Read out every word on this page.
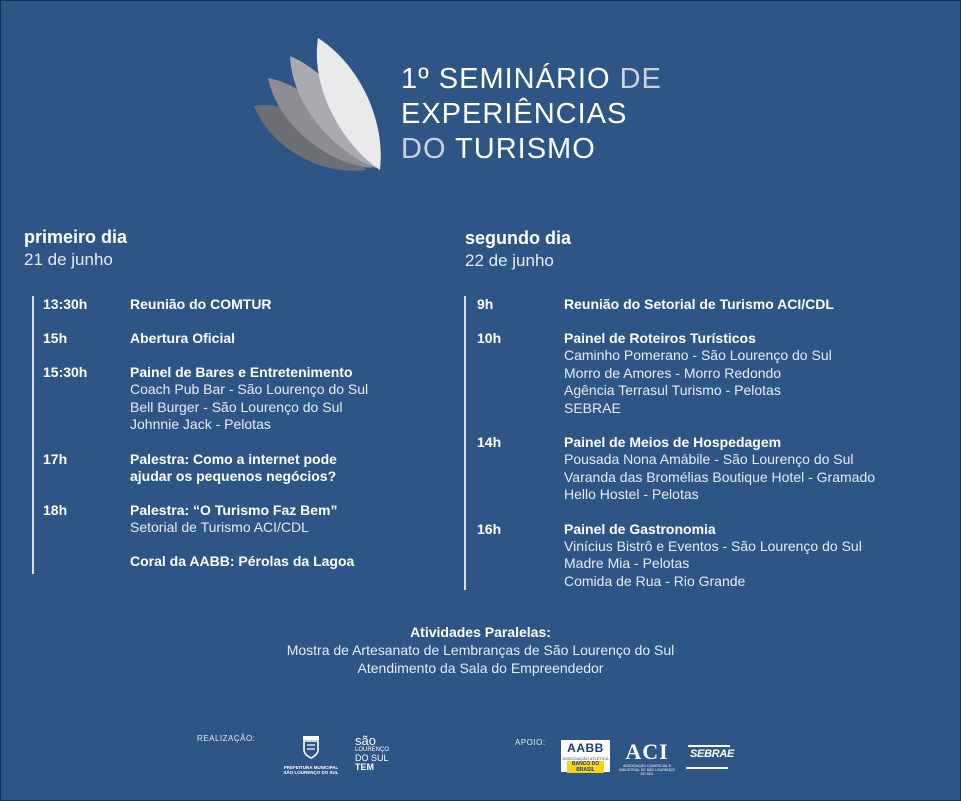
1º SEMINÁRIO DE
EXPERIÊNCIAS
DO TURISMO
primeiro dia
21 de junho
segundo dia
22 de junho
13:30h	Reunião do COMTUR
15h	Abertura Oficial
15:30h	Painel de Bares e Entretenimento
Coach Pub Bar - São Lourenço do Sul
Bell Burger - São Lourenço do Sul
Johnnie Jack - Pelotas
17h	Palestra: Como a internet pode
ajudar os pequenos negócios?
18h	Palestra: “O Turismo Faz Bem”
Setorial de Turismo ACI/CDL
Coral da AABB: Pérolas da Lagoa
9h	Reunião do Setorial de Turismo ACI/CDL
10h	Painel de Roteiros Turísticos
Caminho Pomerano - São Lourenço do Sul
Morro de Amores - Morro Redondo
Agência Terrasul Turismo - Pelotas
SEBRAE
14h	Painel de Meios de Hospedagem
Pousada Nona Amábile - São Lourenço do Sul
Varanda das Bromélias Boutique Hotel - Gramado
Hello Hostel - Pelotas
16h	Painel de Gastronomia
Vinícius Bistrô e Eventos - São Lourenço do Sul
Madre Mia - Pelotas
Comida de Rua - Rio Grande
Atividades Paralelas:
Mostra de Artesanato de Lembranças de São Lourenço do Sul
Atendimento da Sala do Empreendedor
REALIZAÇÃO:
PREFEITURA MUNICIPAL
SÃO LOURENÇO DO SUL
são
LOURENÇO
DO SUL
TEM
APOIO:	AABB
ASSOCIAÇÃO ATLÉTICA
BANCO DO BRASIL
ACI
ASSOCIAÇÃO COMERCIAL E INDUSTRIAL DE SÃO LOURENÇO DO SUL
SEBRAE
